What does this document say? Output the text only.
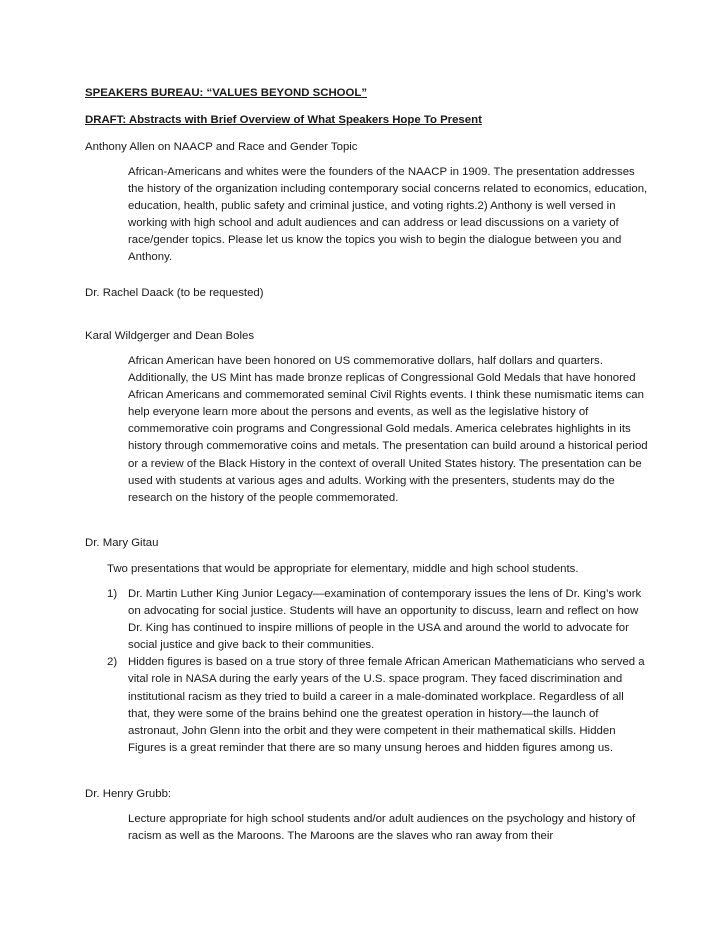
SPEAKERS BUREAU: “VALUES BEYOND SCHOOL”
DRAFT: Abstracts with Brief Overview of What Speakers Hope To Present
Anthony Allen on NAACP and Race and Gender Topic
African-Americans and whites were the founders of the NAACP in 1909. The presentation addresses the history of the organization including contemporary social concerns related to economics, education, education, health, public safety and criminal justice, and voting rights.2) Anthony is well versed in working with high school and adult audiences and can address or lead discussions on a variety of race/gender topics. Please let us know the topics you wish to begin the dialogue between you and Anthony.
Dr. Rachel Daack (to be requested)
Karal Wildgerger and Dean Boles
African American have been honored on US commemorative dollars, half dollars and quarters. Additionally, the US Mint has made bronze replicas of Congressional Gold Medals that have honored African Americans and commemorated seminal Civil Rights events. I think these numismatic items can help everyone learn more about the persons and events, as well as the legislative history of commemorative coin programs and Congressional Gold medals. America celebrates highlights in its history through commemorative coins and metals. The presentation can build around a historical period or a review of the Black History in the context of overall United States history. The presentation can be used with students at various ages and adults. Working with the presenters, students may do the research on the history of the people commemorated.
Dr. Mary Gitau
Two presentations that would be appropriate for elementary, middle and high school students.
1) Dr. Martin Luther King Junior Legacy—examination of contemporary issues the lens of Dr. King’s work on advocating for social justice. Students will have an opportunity to discuss, learn and reflect on how Dr. King has continued to inspire millions of people in the USA and around the world to advocate for social justice and give back to their communities.
2) Hidden figures is based on a true story of three female African American Mathematicians who served a vital role in NASA during the early years of the U.S. space program. They faced discrimination and institutional racism as they tried to build a career in a male-dominated workplace. Regardless of all that, they were some of the brains behind one the greatest operation in history—the launch of astronaut, John Glenn into the orbit and they were competent in their mathematical skills. Hidden Figures is a great reminder that there are so many unsung heroes and hidden figures among us.
Dr. Henry Grubb:
Lecture appropriate for high school students and/or adult audiences on the psychology and history of racism as well as the Maroons. The Maroons are the slaves who ran away from their
